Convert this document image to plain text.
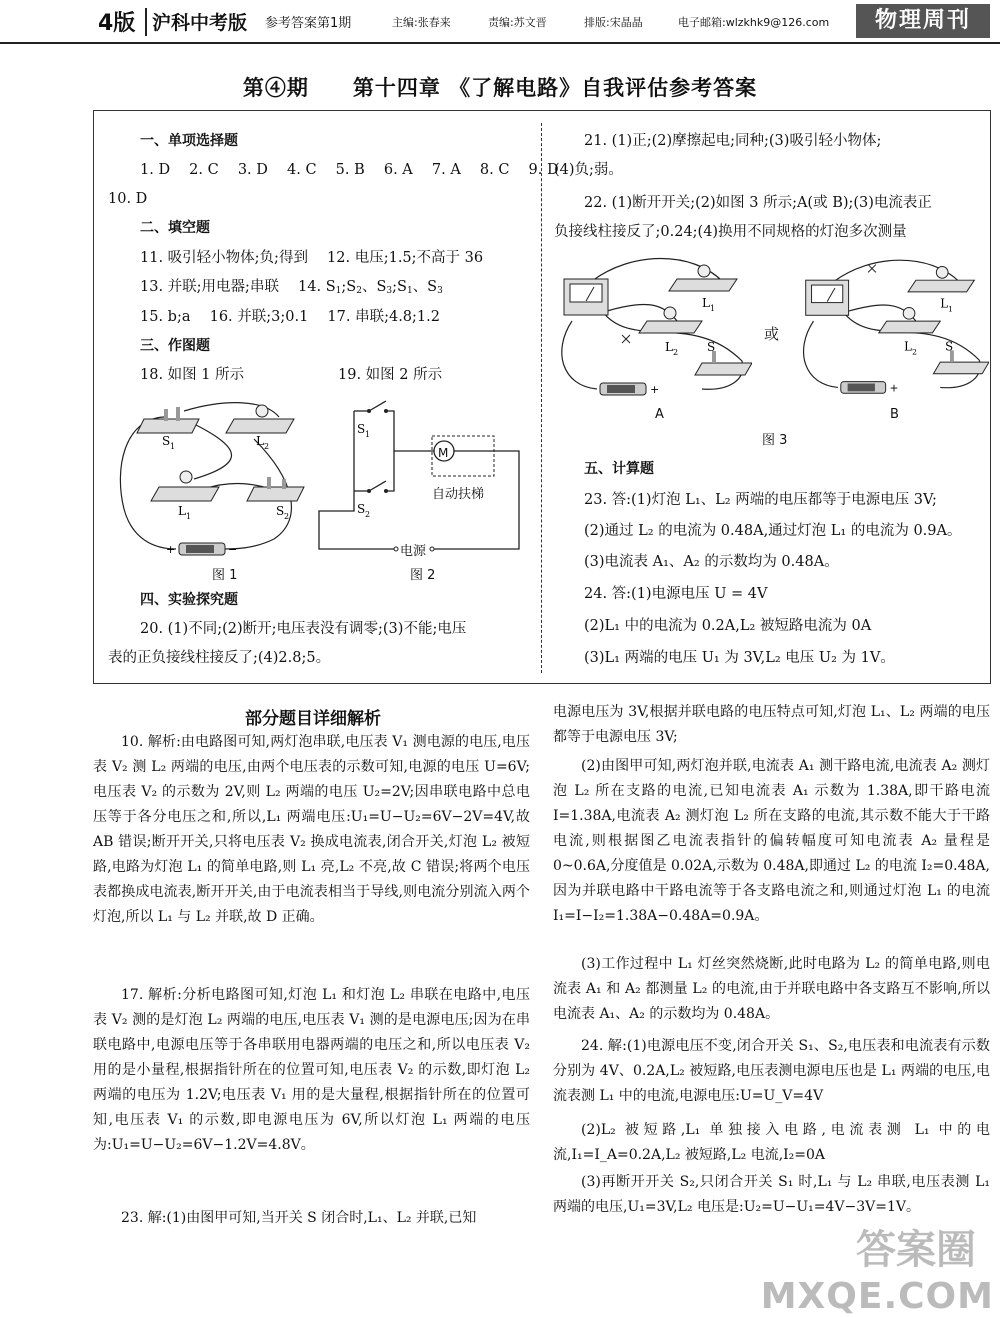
4版 沪科中考版 参考答案第1期	主编:张春来	责编:苏文晋	排版:宋晶晶	电子邮箱:wlzkhk9@126.com	物理周刊
第④期 第十四章 《了解电路》自我评估参考答案
一、单项选择题
1. D　 2. C　 3. D　 4. C　 5. B　 6. A　 7. A　 8. C　 9. D
10. D
二、填空题
11. 吸引轻小物体;负;得到　 12. 电压;1.5;不高于 36
13. 并联;用电器;串联　 14. $S_1;S_2$、$S_3;S_1$、$S_3$
15. b;a　 16. 并联;3;0.1　 17. 串联;4.8;1.2
三、作图题
18. 如图 1 所示	19. 如图 2 所示
S 1	L 2
L 1	S 2
+	−
图 1
S 1
S 2
M
自动扶梯
电源
图 2
四、实验探究题
20. (1)不同;(2)断开;电压表没有调零;(3)不能;电压
表的正负接线柱接反了;(4)2.8;5。
21. (1)正;(2)摩擦起电;同种;(3)吸引轻小物体;
(4)负;弱。
22. (1)断开开关;(2)如图 3 所示;A(或 B);(3)电流表正
负接线柱接反了;0.24;(4)换用不同规格的灯泡多次测量
L 1
L 2 S
+
或
L 1
L 2 S
+
A	B
图 3
五、计算题
23. 答:(1)灯泡 L₁、L₂ 两端的电压都等于电源电压 3V;
(2)通过 L₂ 的电流为 0.48A,通过灯泡 L₁ 的电流为 0.9A。
(3)电流表 A₁、A₂ 的示数均为 0.48A。
24. 答:(1)电源电压 U = 4V
(2)L₁ 中的电流为 0.2A,L₂ 被短路电流为 0A
(3)L₁ 两端的电压 U₁ 为 3V,L₂ 电压 U₂ 为 1V。
部分题目详细解析
10. 解析:由电路图可知,两灯泡串联,电压表 V₁ 测电源的电压,电压表 V₂ 测 L₂ 两端的电压,由两个电压表的示数可知,电源的电压 U=6V;电压表 V₂ 的示数为 2V,则 L₂ 两端的电压 U₂=2V;因串联电路中总电压等于各分电压之和,所以,L₁ 两端电压:U₁=U−U₂=6V−2V=4V,故 AB 错误;断开开关,只将电压表 V₂ 换成电流表,闭合开关,灯泡 L₂ 被短路,电路为灯泡 L₁ 的简单电路,则 L₁ 亮,L₂ 不亮,故 C 错误;将两个电压表都换成电流表,断开开关,由于电流表相当于导线,则电流分别流入两个灯泡,所以 L₁ 与 L₂ 并联,故 D 正确。
17. 解析:分析电路图可知,灯泡 L₁ 和灯泡 L₂ 串联在电路中,电压表 V₂ 测的是灯泡 L₂ 两端的电压,电压表 V₁ 测的是电源电压;因为在串联电路中,电源电压等于各串联用电器两端的电压之和,所以电压表 V₂ 用的是小量程,根据指针所在的位置可知,电压表 V₂ 的示数,即灯泡 L₂ 两端的电压为 1.2V;电压表 V₁ 用的是大量程,根据指针所在的位置可知,电压表 V₁ 的示数,即电源电压为 6V,所以灯泡 L₁ 两端的电压为:U₁=U−U₂=6V−1.2V=4.8V。
23. 解:(1)由图甲可知,当开关 S 闭合时,L₁、L₂ 并联,已知
电源电压为 3V,根据并联电路的电压特点可知,灯泡 L₁、L₂ 两端的电压都等于电源电压 3V;
(2)由图甲可知,两灯泡并联,电流表 A₁ 测干路电流,电流表 A₂ 测灯泡 L₂ 所在支路的电流,已知电流表 A₁ 示数为 1.38A,即干路电流 I=1.38A,电流表 A₂ 测灯泡 L₂ 所在支路的电流,其示数不能大于干路电流,则根据图乙电流表指针的偏转幅度可知电流表 A₂ 量程是 0~0.6A,分度值是 0.02A,示数为 0.48A,即通过 L₂ 的电流 I₂=0.48A,因为并联电路中干路电流等于各支路电流之和,则通过灯泡 L₁ 的电流 I₁=I−I₂=1.38A−0.48A=0.9A。
(3)工作过程中 L₁ 灯丝突然烧断,此时电路为 L₂ 的简单电路,则电流表 A₁ 和 A₂ 都测量 L₂ 的电流,由于并联电路中各支路互不影响,所以电流表 A₁、A₂ 的示数均为 0.48A。
24. 解:(1)电源电压不变,闭合开关 S₁、S₂,电压表和电流表有示数分别为 4V、0.2A,L₂ 被短路,电压表测电源电压也是 L₁ 两端的电压,电流表测 L₁ 中的电流,电源电压:U=U_V=4V
(2)L₂ 被短路,L₁ 单独接入电路,电流表测 L₁ 中的电流,I₁=I_A=0.2A,L₂ 被短路,L₂ 电流,I₂=0A
(3)再断开开关 S₂,只闭合开关 S₁ 时,L₁ 与 L₂ 串联,电压表测 L₁ 两端的电压,U₁=3V,L₂ 电压是:U₂=U−U₁=4V−3V=1V。
答案圈
MXQE.COM
